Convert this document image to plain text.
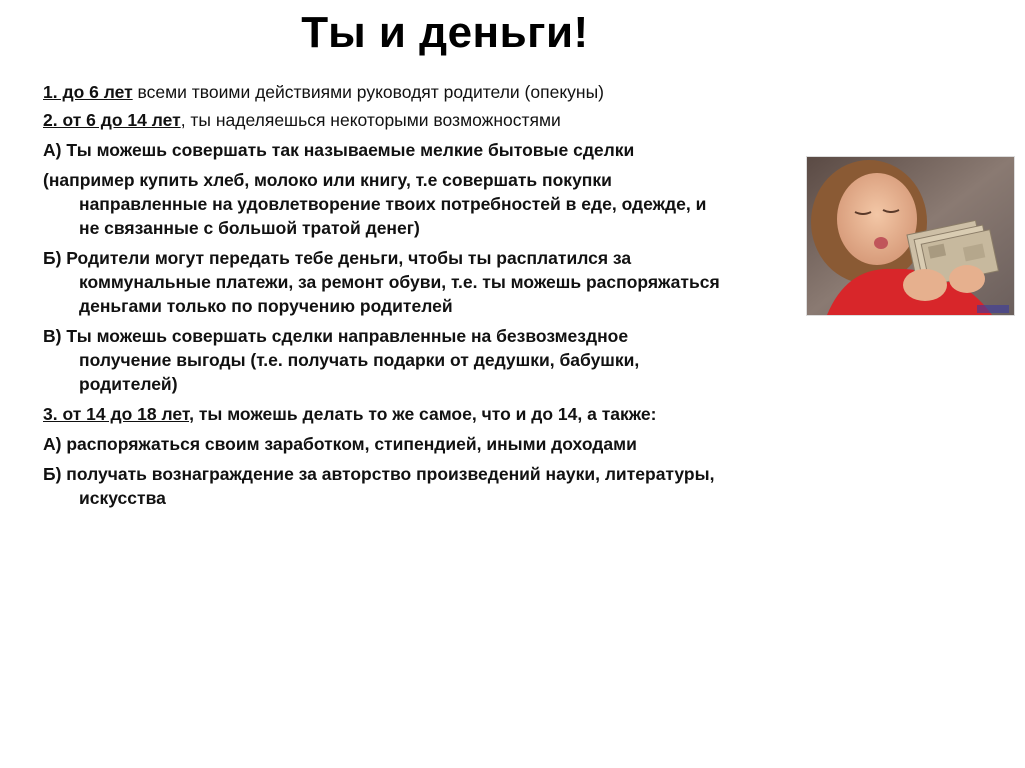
Ты и деньги!

1. до 6 лет всеми твоими действиями руководят родители (опекуны)

2. от 6 до 14 лет, ты наделяешься некоторыми возможностями

А) Ты можешь совершать так называемые мелкие бытовые сделки

(например купить хлеб, молоко или книгу, т.е совершать покупки направленные на удовлетворение твоих потребностей в еде, одежде, и не связанные с большой тратой денег)

Б) Родители могут передать тебе деньги, чтобы ты расплатился за коммунальные платежи, за ремонт обуви, т.е. ты можешь распоряжаться деньгами только по поручению родителей

В) Ты можешь совершать сделки направленные на безвозмездное получение выгоды (т.е. получать подарки от дедушки, бабушки, родителей)

3. от 14 до 18 лет, ты можешь делать то же самое, что и до 14, а также:

А) распоряжаться своим заработком, стипендией, иными доходами

Б) получать вознаграждение за авторство произведений науки, литературы, искусства
